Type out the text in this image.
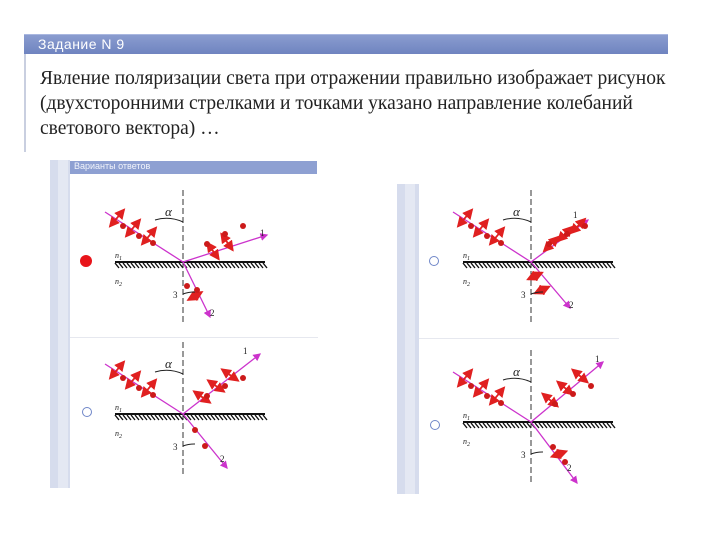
Задание N 9
Явление поляризации света при отражении правильно изображает рисунок (двухсторонними стрелками и точками указано направление колебаний светового вектора) …
Варианты ответов
α
1
2
3
$n_1$
$n_2$
α	1
2
3
$n_1$
$n_2$
α
1
2
3
$n_1$
$n_2$
α
1
2
3
$n_1$
$n_2$
